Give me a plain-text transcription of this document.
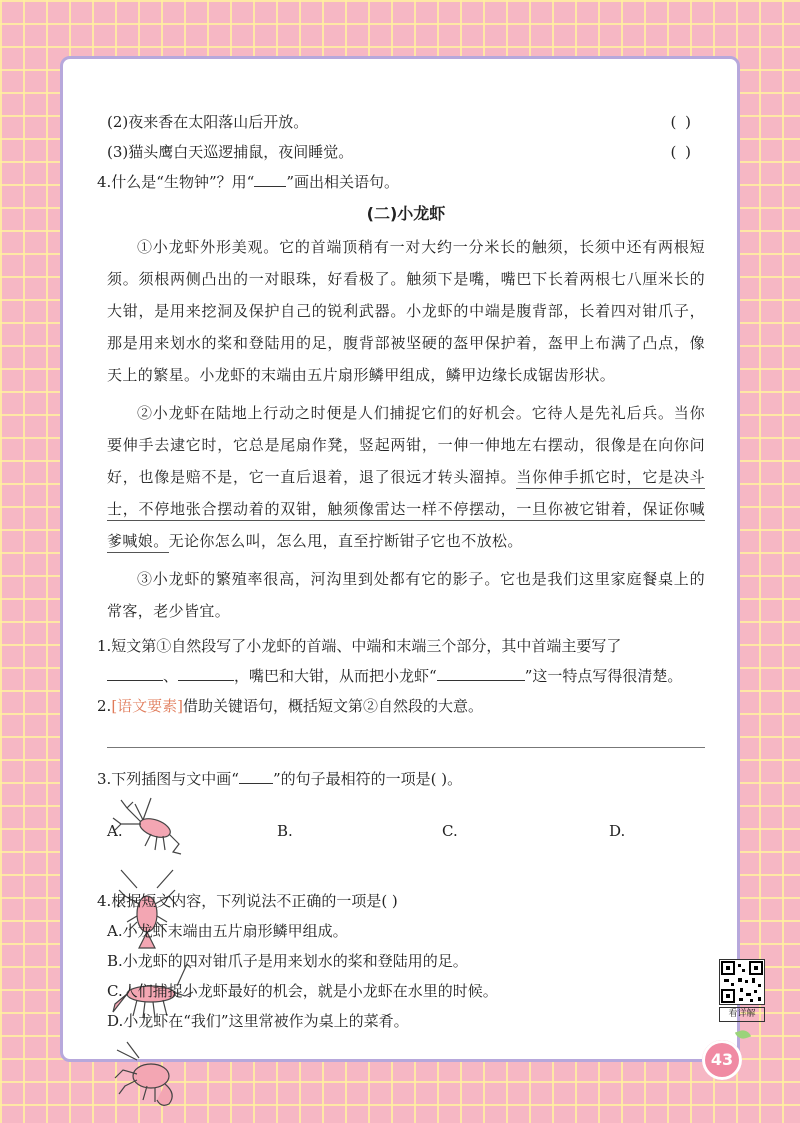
(2)夜来香在太阳落山后开放。	( )
(3)猫头鹰白天巡逻捕鼠，夜间睡觉。	( )
4.什么是“生物钟”？用“ ”画出相关语句。
(二)小龙虾
①小龙虾外形美观。它的首端顶稍有一对大约一分米长的触须，长须中还有两根短须。须根两侧凸出的一对眼珠，好看极了。触须下是嘴，嘴巴下长着两根七八厘米长的大钳，是用来挖洞及保护自己的锐利武器。小龙虾的中端是腹背部，长着四对钳爪子，那是用来划水的桨和登陆用的足，腹背部被坚硬的盔甲保护着，盔甲上布满了凸点，像天上的繁星。小龙虾的末端由五片扇形鳞甲组成，鳞甲边缘长成锯齿形状。
②小龙虾在陆地上行动之时便是人们捕捉它们的好机会。它待人是先礼后兵。当你要伸手去逮它时，它总是尾扇作凳，竖起两钳，一伸一伸地左右摆动，很像是在向你问好，也像是赔不是，它一直后退着，退了很远才转头溜掉。当你伸手抓它时，它是决斗士，不停地张合摆动着的双钳，触须像雷达一样不停摆动，一旦你被它钳着，保证你喊爹喊娘。无论你怎么叫，怎么甩，直至拧断钳子它也不放松。
③小龙虾的繁殖率很高，河沟里到处都有它的影子。它也是我们这里家庭餐桌上的常客，老少皆宜。
1.短文第①自然段写了小龙虾的首端、中端和末端三个部分，其中首端主要写了
、	，嘴巴和大钳，从而把小龙虾“	”这一特点写得很清楚。
2.[语文要素]借助关键语句，概括短文第②自然段的大意。
3.下列插图与文中画“ ”的句子最相符的一项是( )。
A.	B.	C.	D.
4.根据短文内容，下列说法不正确的一项是( )
A.小龙虾末端由五片扇形鳞甲组成。
B.小龙虾的四对钳爪子是用来划水的桨和登陆用的足。
C.人们捕捉小龙虾最好的机会，就是小龙虾在水里的时候。
D.小龙虾在“我们”这里常被作为桌上的菜肴。	看详解
43
